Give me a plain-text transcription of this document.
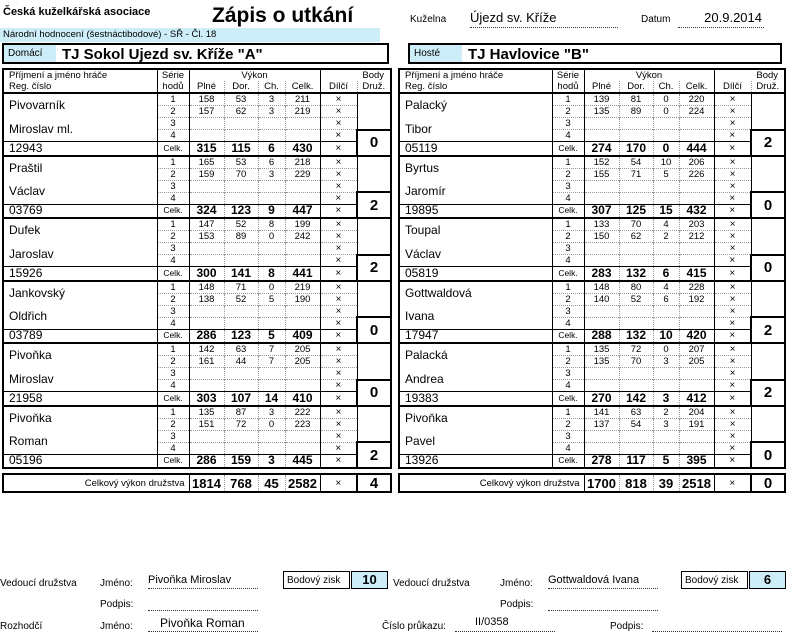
Česká kuželkářská asociace	Zápis o utkání
Národní hodnocení (šestnáctibodové) - SŘ - Čl. 18
Kuželna Újezd sv. Kříže	Datum	20.9.2014
Domácí	TJ Sokol Ujezd sv. Kříže "A"	Hosté	TJ Havlovice "B"
Příjmení a jméno hráče	Série	Výkon				Body	
Reg. číslo	hodů	Plné	Dor.	Ch.	Celk.	Dílčí	Druž.
Pivovarník	1	158	53	3	211	×	
	2	157	62	3	219	×	
Miroslav ml.	3					×	
	4					×	0
12943	Celk.	315	115	6	430	×	
Praštil	1	165	53	6	218	×	
	2	159	70	3	229	×	
Václav	3					×	
	4					×	2
03769	Celk.	324	123	9	447	×	
Dufek	1	147	52	8	199	×	
	2	153	89	0	242	×	
Jaroslav	3					×	
	4					×	2
15926	Celk.	300	141	8	441	×	
Jankovský	1	148	71	0	219	×	
	2	138	52	5	190	×	
Oldřich	3					×	
	4					×	0
03789	Celk.	286	123	5	409	×	
Pivoňka	1	142	63	7	205	×	
	2	161	44	7	205	×	
Miroslav	3					×	
	4					×	0
21958	Celk.	303	107	14	410	×	
Pivoňka	1	135	87	3	222	×	
	2	151	72	0	223	×	
Roman	3					×	
	4					×	2
05196	Celk.	286	159	3	445	×	

Celkový výkon družstva		1814	768	45	2582	×	4
Příjmení a jméno hráče	Série	Výkon				Body	
Reg. číslo	hodů	Plné	Dor.	Ch.	Celk.	Dílčí	Druž.
Palacký	1	139	81	0	220	×	
	2	135	89	0	224	×	
Tibor	3					×	
	4					×	2
05119	Celk.	274	170	0	444	×	
Byrtus	1	152	54	10	206	×	
	2	155	71	5	226	×	
Jaromír	3					×	
	4					×	0
19895	Celk.	307	125	15	432	×	
Toupal	1	133	70	4	203	×	
	2	150	62	2	212	×	
Václav	3					×	
	4					×	0
05819	Celk.	283	132	6	415	×	
Gottwaldová	1	148	80	4	228	×	
	2	140	52	6	192	×	
Ivana	3					×	
	4					×	2
17947	Celk.	288	132	10	420	×	
Palacká	1	135	72	0	207	×	
	2	135	70	3	205	×	
Andrea	3					×	
	4					×	2
19383	Celk.	270	142	3	412	×	
Pivoňka	1	141	63	2	204	×	
	2	137	54	3	191	×	
Pavel	3					×	
	4					×	0
13926	Celk.	278	117	5	395	×	

Celkový výkon družstva		1700	818	39	2518	×	0
Vedoucí družstva Jméno: Pivoňka Miroslav	Bodový zisk	10
Podpis:
Vedoucí družstva	Jméno: Gottwaldová Ivana	Bodový zisk	6
Podpis:
Rozhodčí	Jméno:	Pivoňka Roman	Číslo průkazu:	II/0358	Podpis:
